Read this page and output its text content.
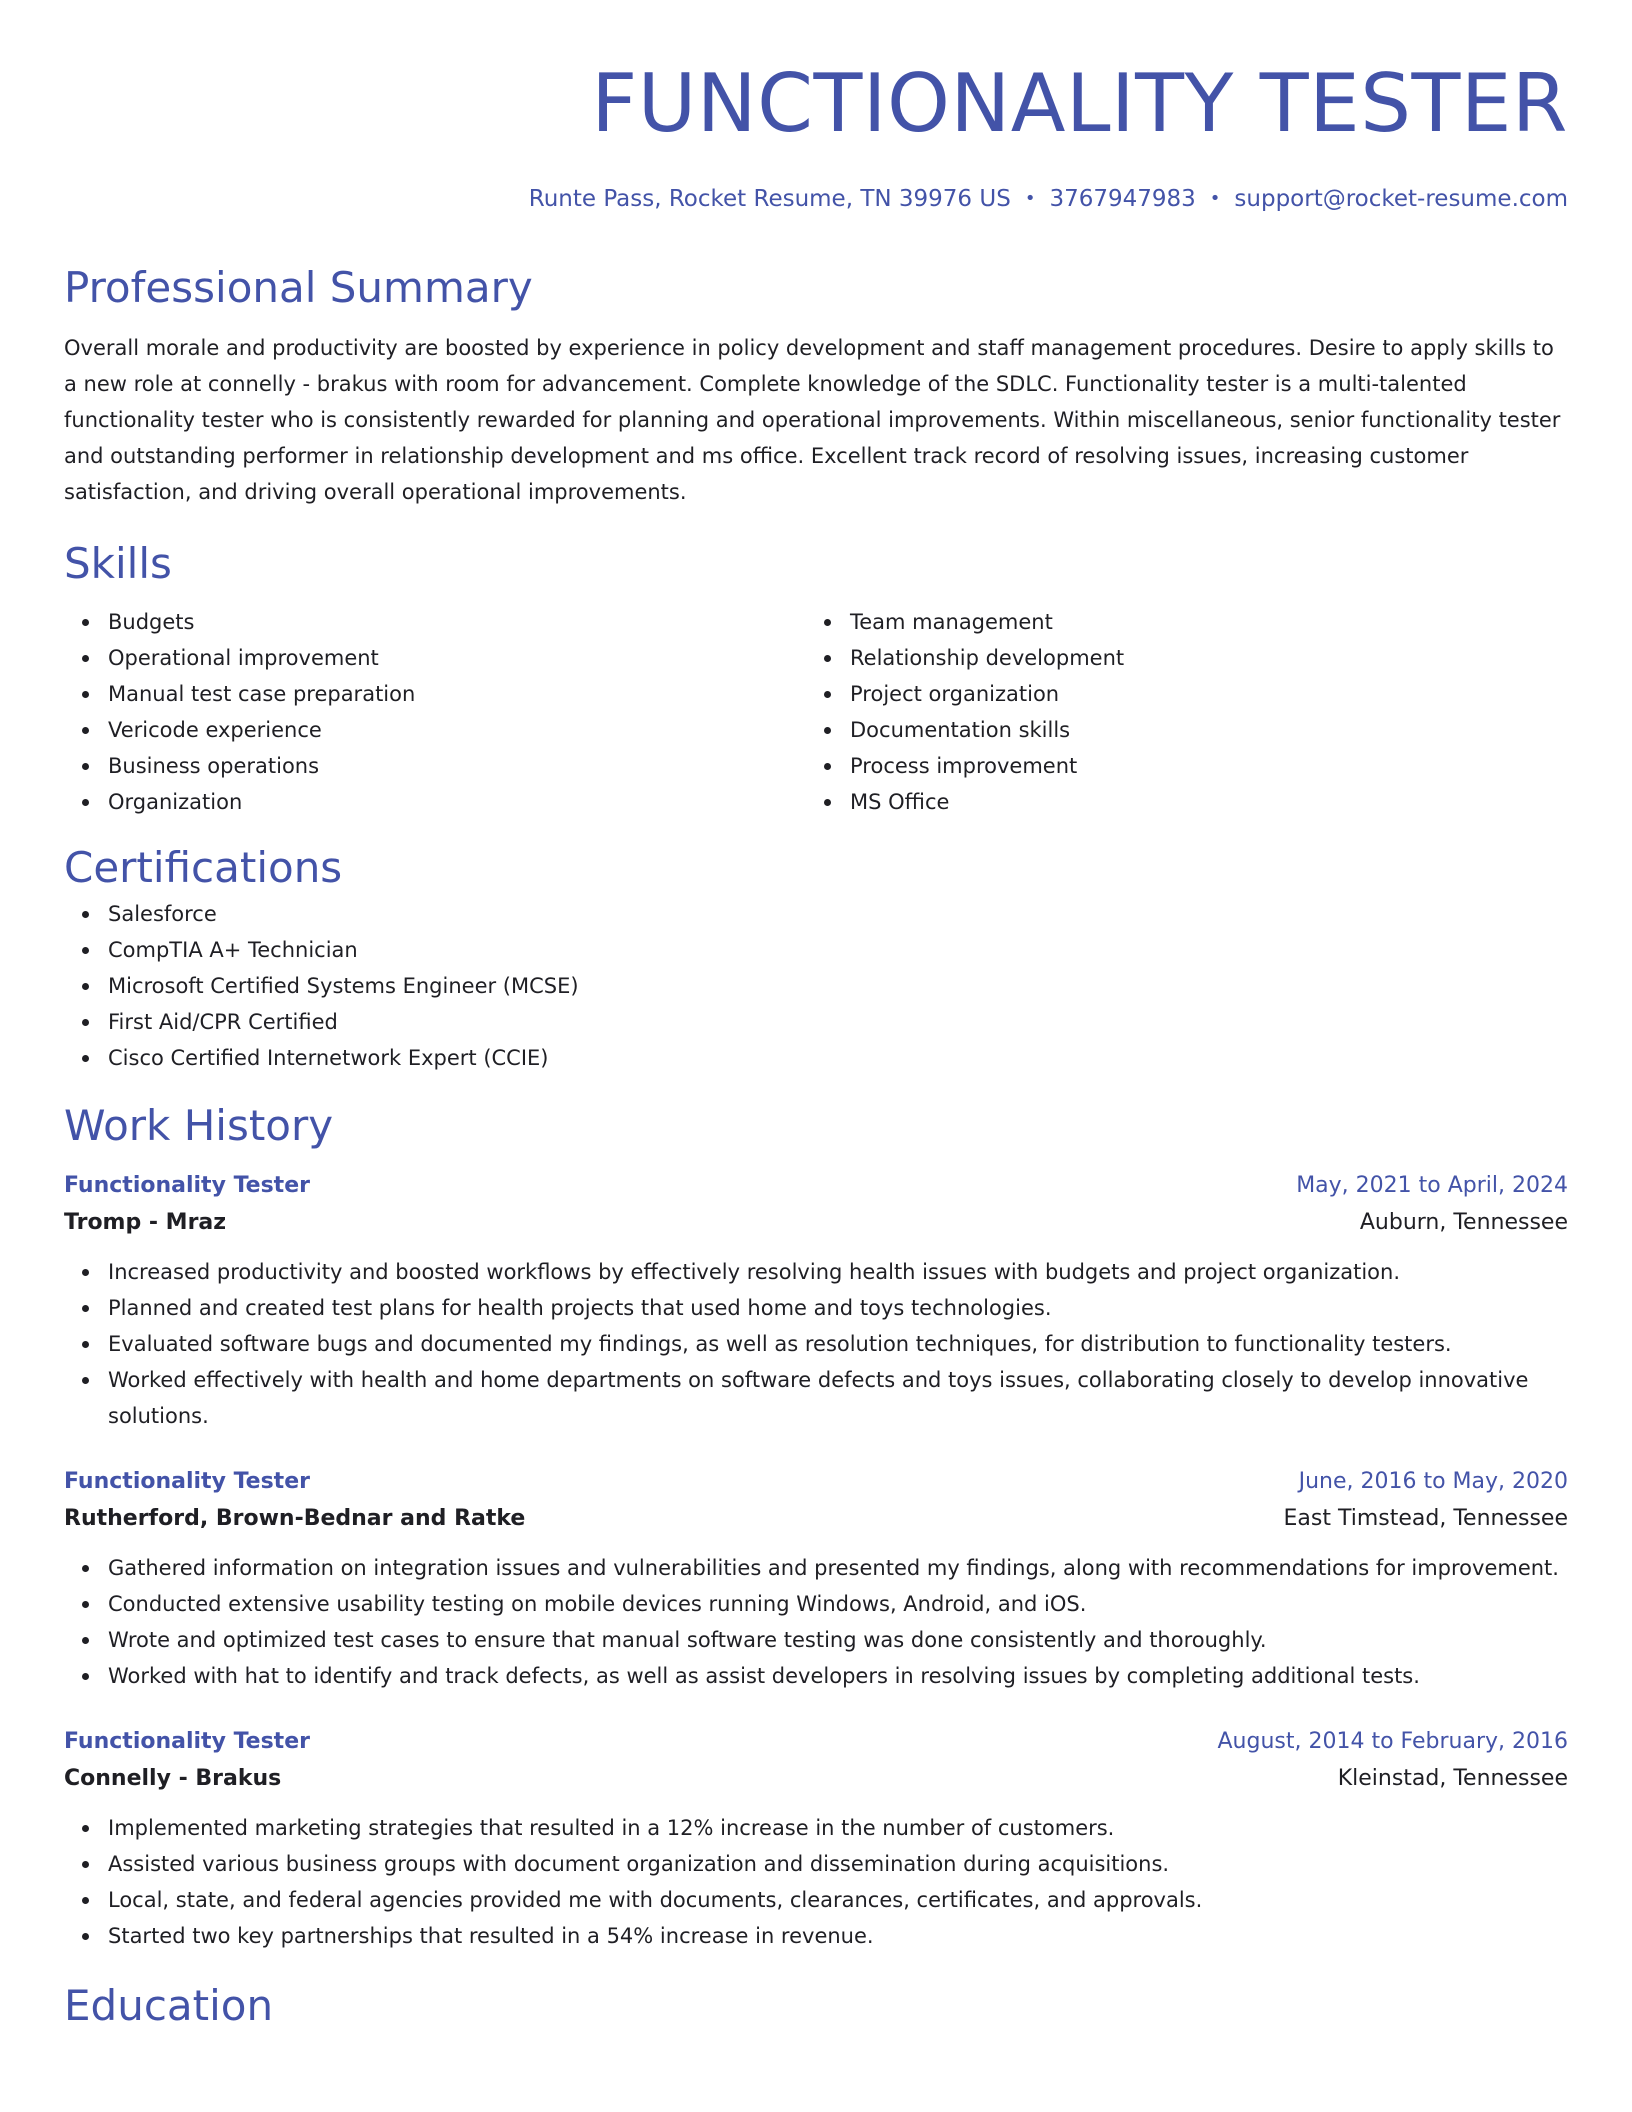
FUNCTIONALITY TESTER
Runte Pass, Rocket Resume, TN 39976 US • 3767947983 • support@rocket-resume.com
Professional Summary
Overall morale and productivity are boosted by experience in policy development and staff management procedures. Desire to apply skills to a new role at connelly - brakus with room for advancement. Complete knowledge of the SDLC. Functionality tester is a multi-talented functionality tester who is consistently rewarded for planning and operational improvements. Within miscellaneous, senior functionality tester and outstanding performer in relationship development and ms office. Excellent track record of resolving issues, increasing customer satisfaction, and driving overall operational improvements.
Skills
Budgets
Operational improvement
Manual test case preparation
Vericode experience
Business operations
Organization
Team management
Relationship development
Project organization
Documentation skills
Process improvement
MS Office
Certifications
Salesforce
CompTIA A+ Technician
Microsoft Certified Systems Engineer (MCSE)
First Aid/CPR Certified
Cisco Certified Internetwork Expert (CCIE)
Work History
Functionality Tester	May, 2021 to April, 2024
Tromp - Mraz	Auburn, Tennessee
Increased productivity and boosted workflows by effectively resolving health issues with budgets and project organization.
Planned and created test plans for health projects that used home and toys technologies.
Evaluated software bugs and documented my findings, as well as resolution techniques, for distribution to functionality testers.
Worked effectively with health and home departments on software defects and toys issues, collaborating closely to develop innovative solutions.
Functionality Tester	June, 2016 to May, 2020
Rutherford, Brown-Bednar and Ratke	East Timstead, Tennessee
Gathered information on integration issues and vulnerabilities and presented my findings, along with recommendations for improvement.
Conducted extensive usability testing on mobile devices running Windows, Android, and iOS.
Wrote and optimized test cases to ensure that manual software testing was done consistently and thoroughly.
Worked with hat to identify and track defects, as well as assist developers in resolving issues by completing additional tests.
Functionality Tester	August, 2014 to February, 2016
Connelly - Brakus	Kleinstad, Tennessee
Implemented marketing strategies that resulted in a 12% increase in the number of customers.
Assisted various business groups with document organization and dissemination during acquisitions.
Local, state, and federal agencies provided me with documents, clearances, certificates, and approvals.
Started two key partnerships that resulted in a 54% increase in revenue.
Education
